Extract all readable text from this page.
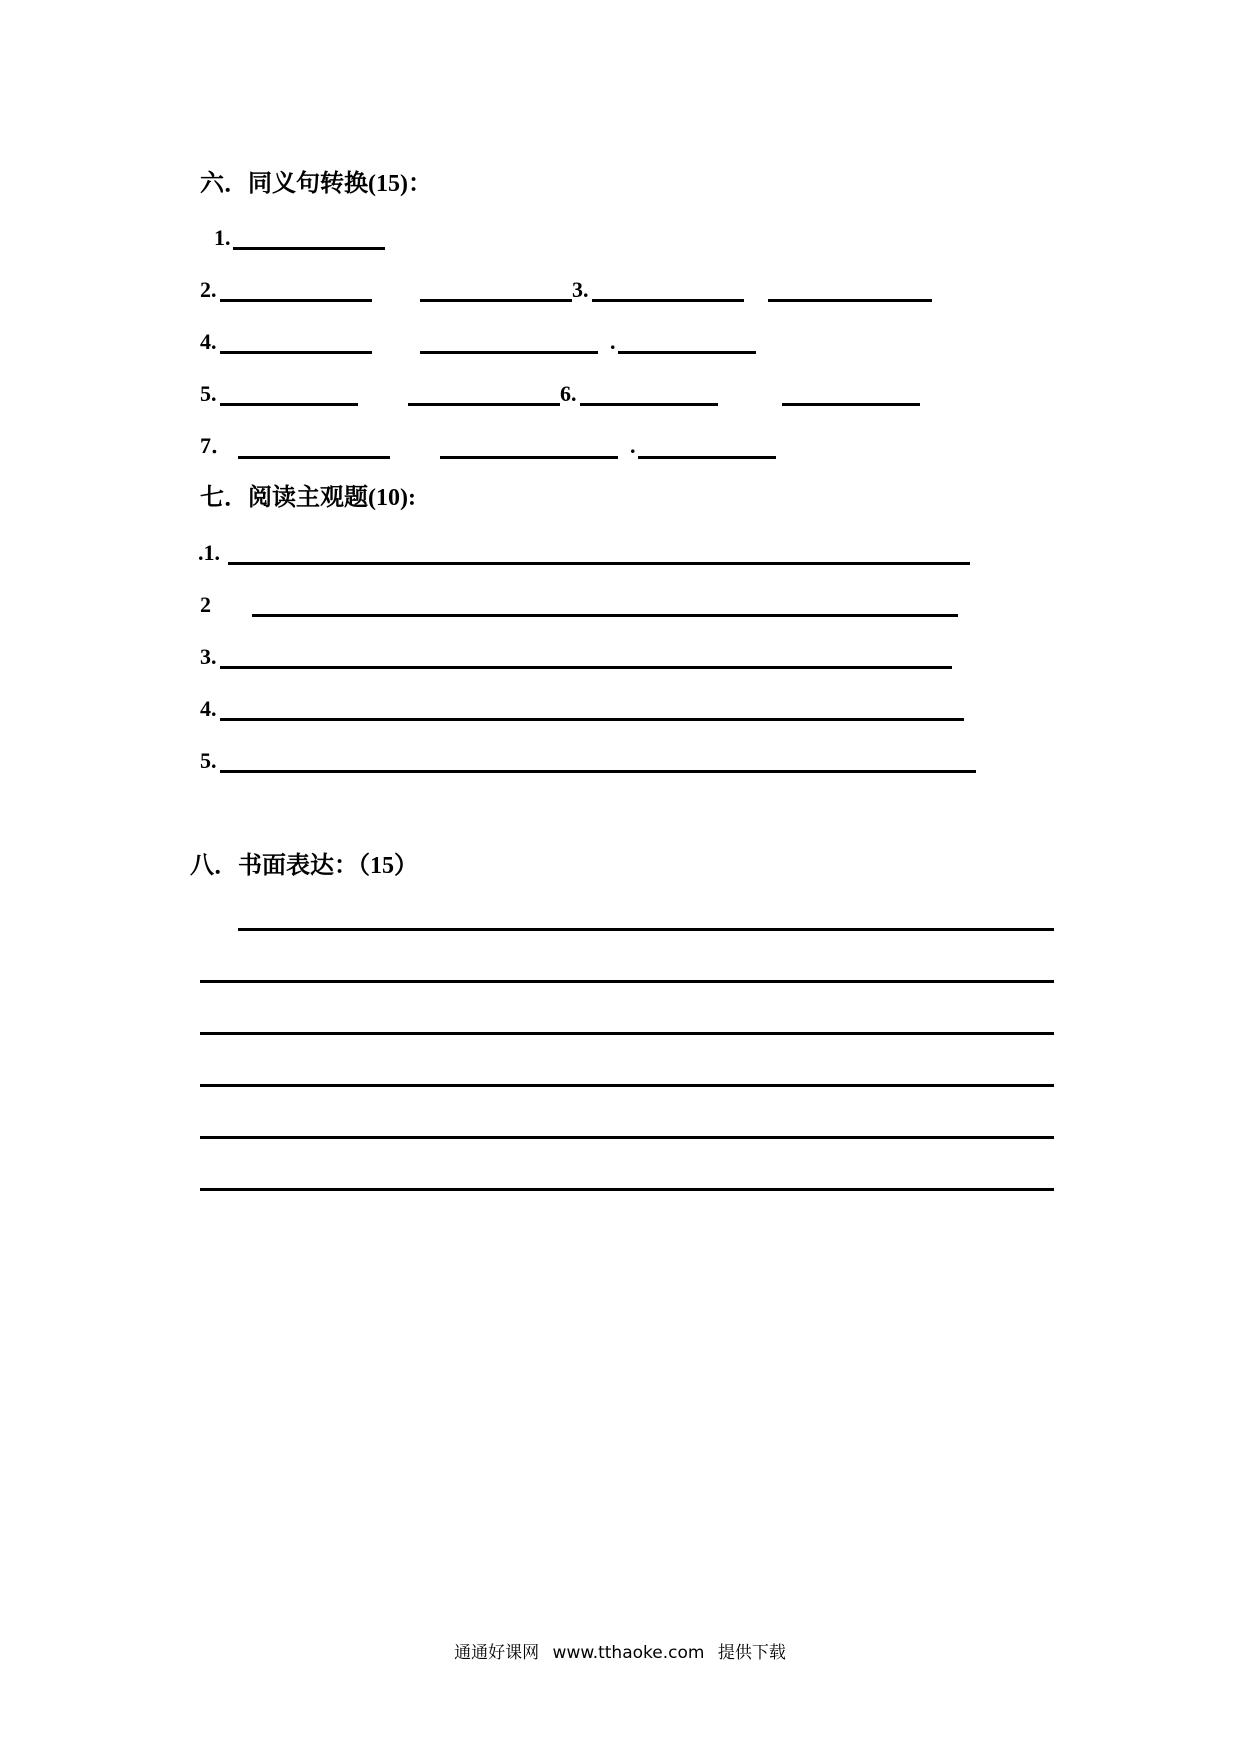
六．同义句转换(15)：
1.
2.	3.
4.	.
5.	6.
7．	.
七．阅读主观题(10):
.1.
2
3.
4.
5.
八．书面表达：（15）
通通好课网 www.tthaoke.com 提供下载
